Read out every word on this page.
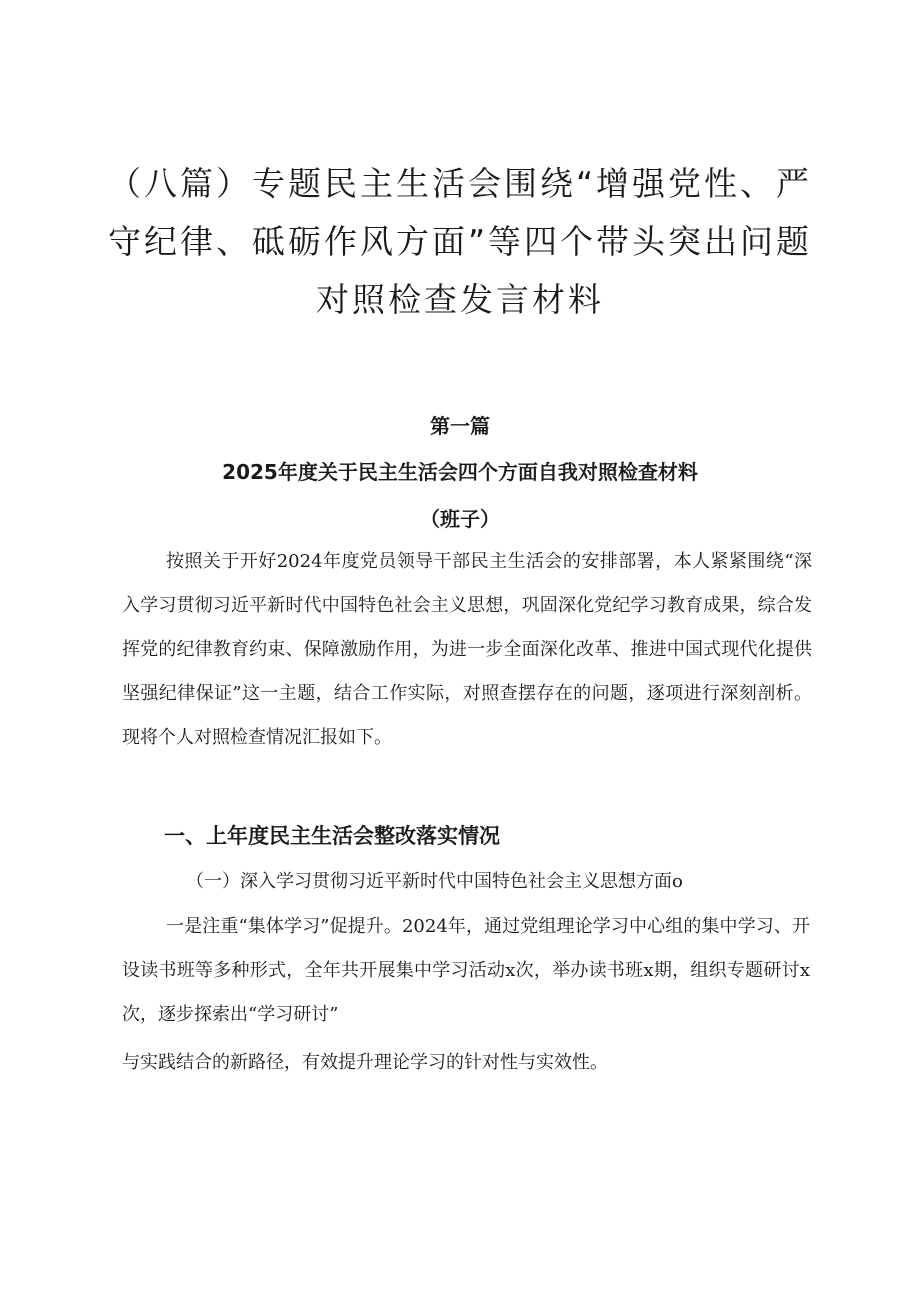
（八篇）专题民主生活会围绕“增强党性、严守纪律、砥砺作风方面”等四个带头突出问题对照检查发言材料

第一篇

2025年度关于民主生活会四个方面自我对照检查材料

（班子）

按照关于开好2024年度党员领导干部民主生活会的安排部署，本人紧紧围绕“深入学习贯彻习近平新时代中国特色社会主义思想，巩固深化党纪学习教育成果，综合发挥党的纪律教育约束、保障激励作用，为进一步全面深化改革、推进中国式现代化提供坚强纪律保证”这一主题，结合工作实际，对照查摆存在的问题，逐项进行深刻剖析。现将个人对照检查情况汇报如下。

一、上年度民主生活会整改落实情况

（一）深入学习贯彻习近平新时代中国特色社会主义思想方面o

一是注重“集体学习”促提升。2024年，通过党组理论学习中心组的集中学习、开设读书班等多种形式，全年共开展集中学习活动x次，举办读书班x期，组织专题研讨x次，逐步探索出“学习研讨”

与实践结合的新路径，有效提升理论学习的针对性与实效性。
